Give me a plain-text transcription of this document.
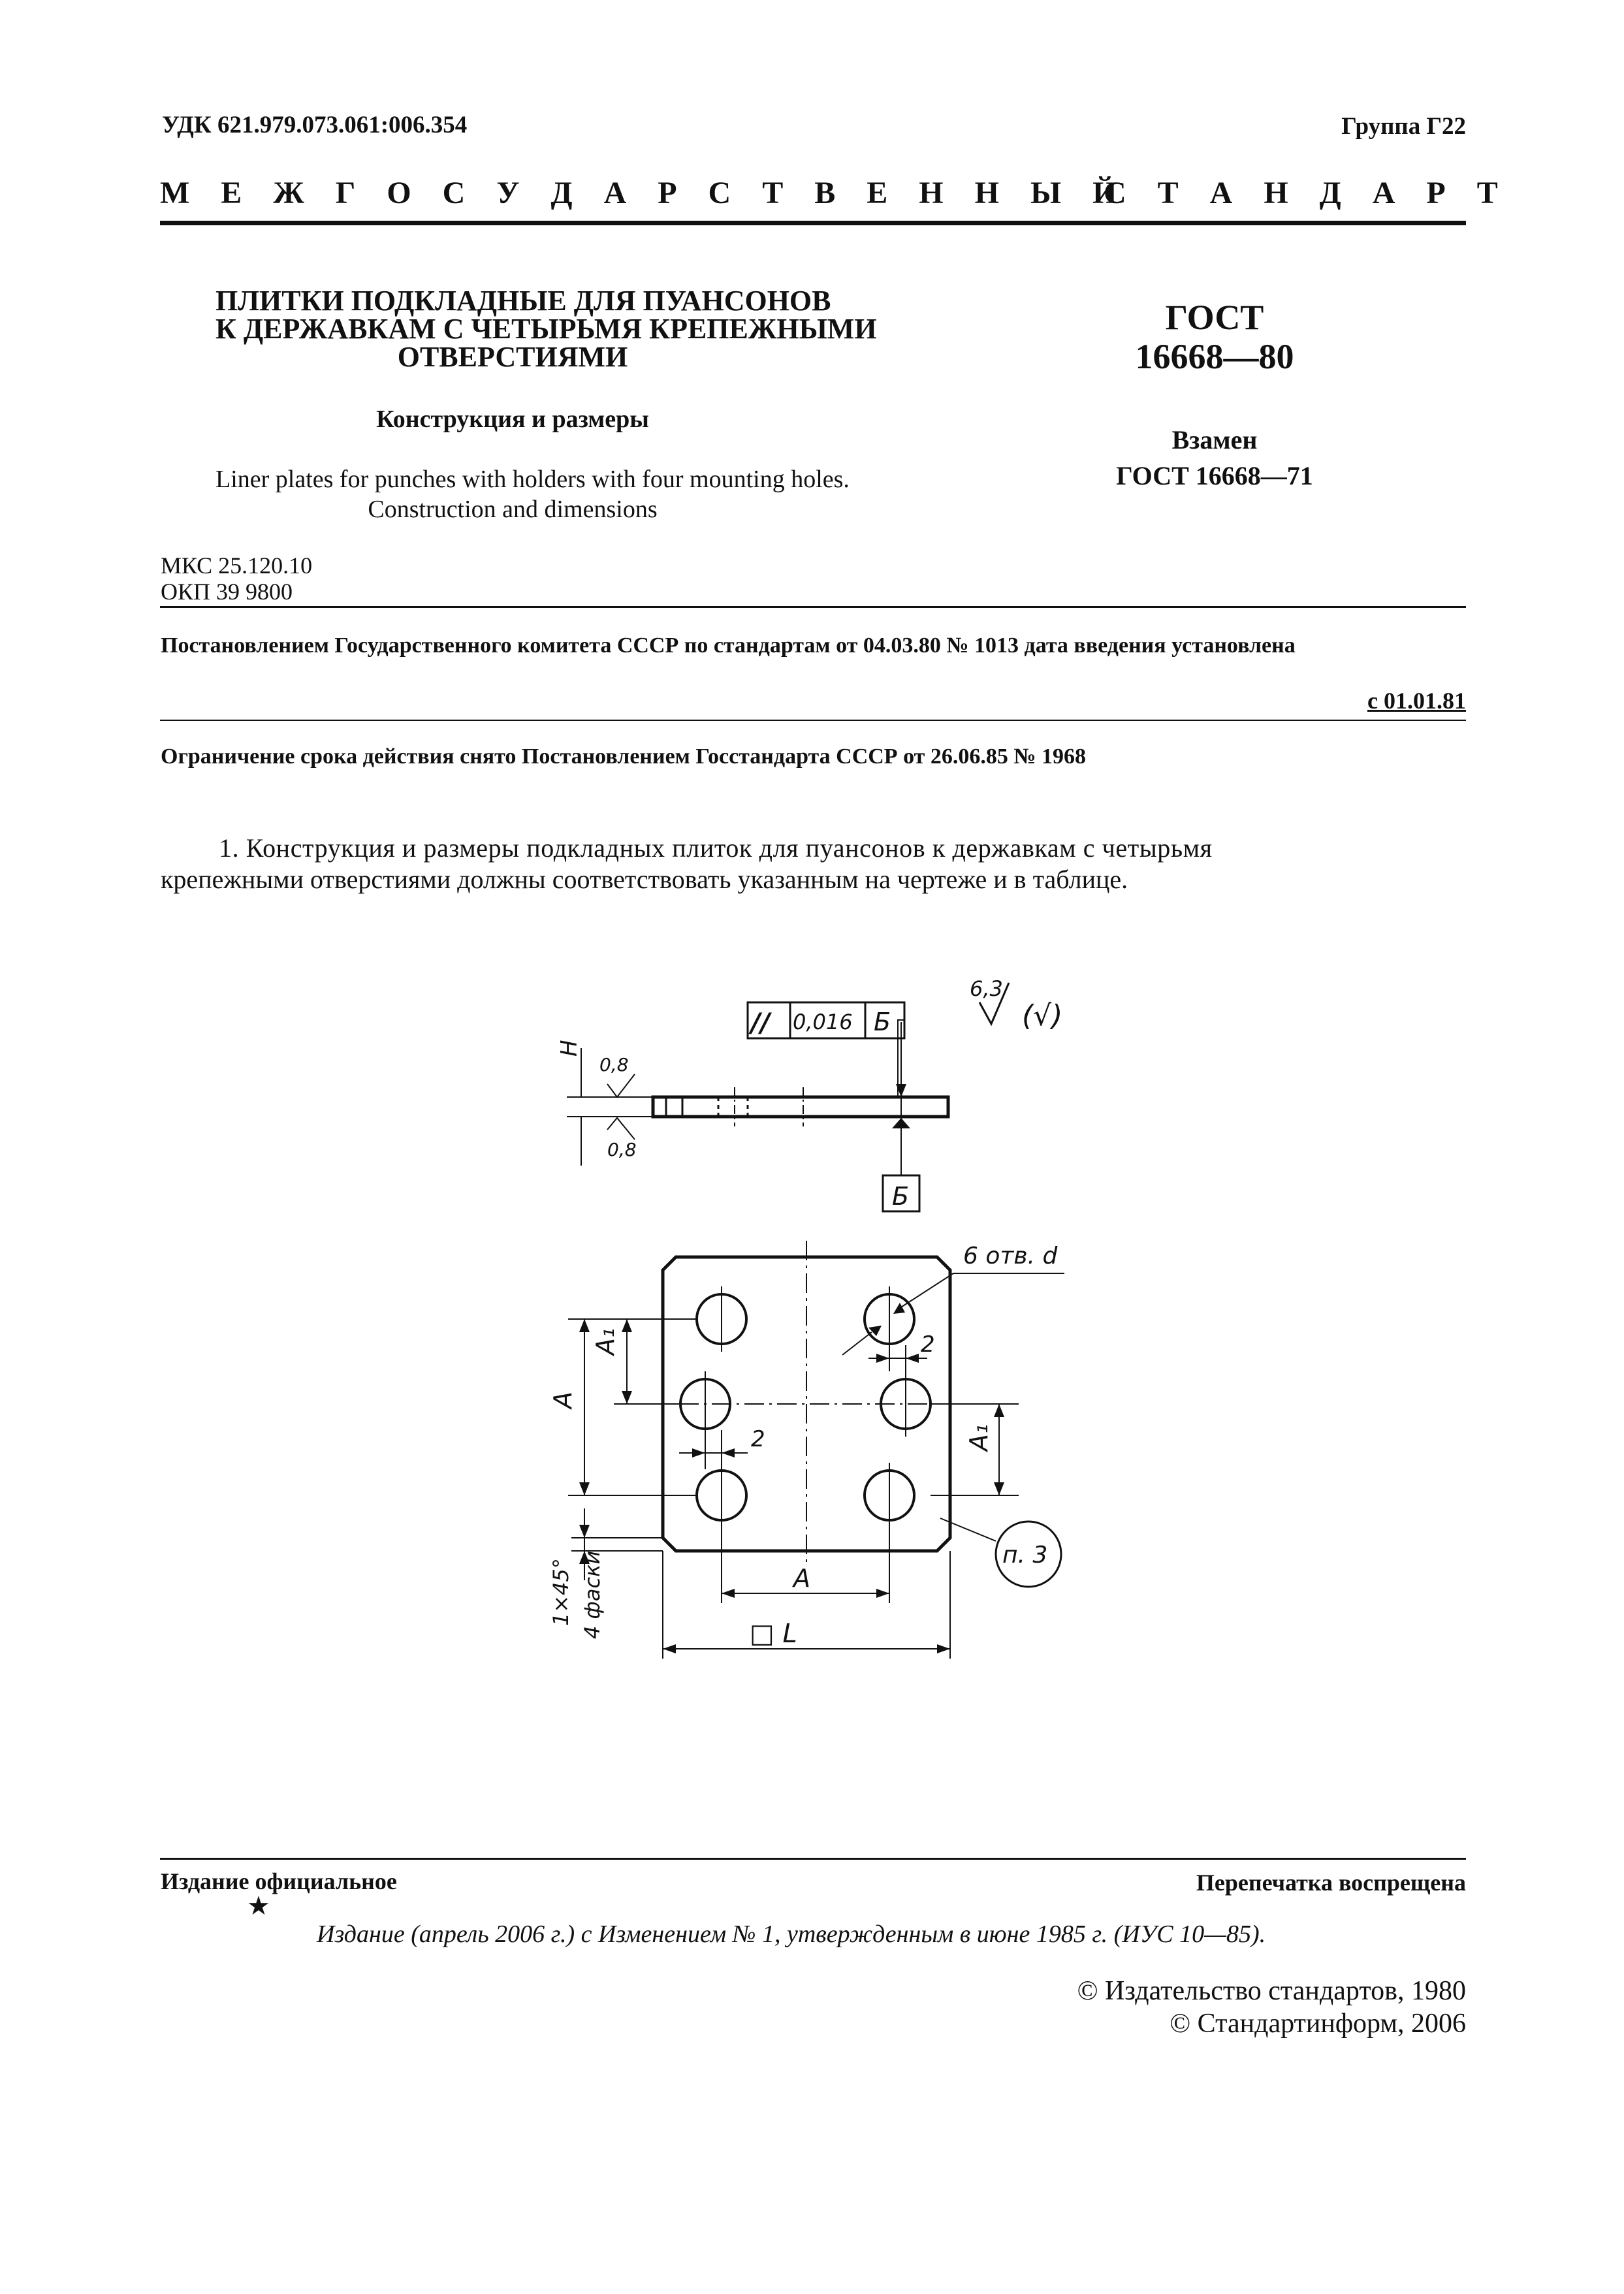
УДК 621.979.073.061:006.354	Группа Г22
М Е Ж Г О С У Д А Р С Т В Е Н Н Ы Й
С Т А Н Д А Р Т
ПЛИТКИ ПОДКЛАДНЫЕ ДЛЯ ПУАНСОНОВ
К ДЕРЖАВКАМ С ЧЕТЫРЬМЯ КРЕПЕЖНЫМИ
ОТВЕРСТИЯМИ
Конструкция и размеры
Liner plates for punches with holders with four mounting holes.
Construction and dimensions
ГОСТ
16668—80
Взамен
ГОСТ 16668—71
МКС 25.120.10
ОКП 39 9800
Постановлением Государственного комитета СССР по стандартам от 04.03.80 № 1013 дата введения установлена
с 01.01.81
Ограничение срока действия снято Постановлением Госстандарта СССР от 26.06.85 № 1968
1. Конструкция и размеры подкладных плиток для пуансонов к державкам с четырьмя
крепежными отверстиями должны соответствовать указанным на чертеже и в таблице.
// 0,016 Б
Б
6,3
(√)
H
0,8
0,8
6 отв. d
2
2
A₁
A
A₁
A
□ L
1×45° 4 фаски	п. 3
Издание официальное
★
Перепечатка воспрещена
Издание (апрель 2006 г.) с Изменением № 1, утвержденным в июне 1985 г. (ИУС 10—85).
© Издательство стандартов, 1980
© Стандартинформ, 2006
